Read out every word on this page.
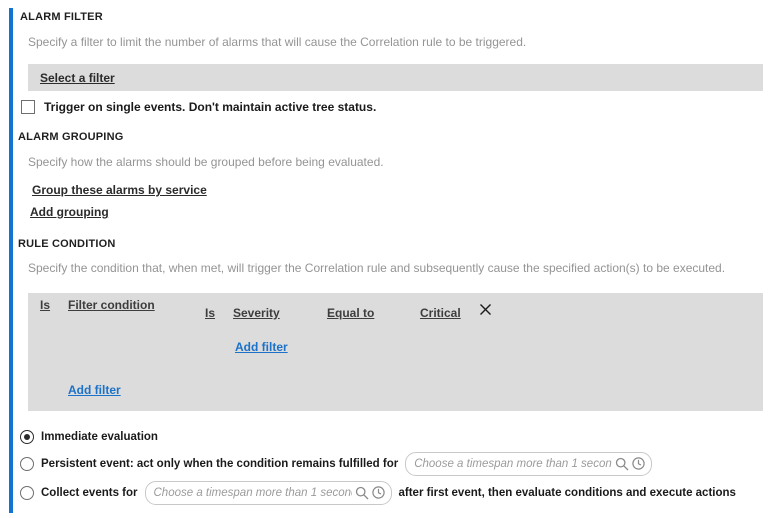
ALARM FILTER
Specify a filter to limit the number of alarms that will cause the Correlation rule to be triggered.
Select a filter
Trigger on single events. Don't maintain active tree status.
ALARM GROUPING
Specify how the alarms should be grouped before being evaluated.
Group these alarms by service
Add grouping
RULE CONDITION
Specify the condition that, when met, will trigger the Correlation rule and subsequently cause the specified action(s) to be executed.
Is Filter condition
Is Severity	Equal to	Critical
Add filter
Add filter
Immediate evaluation
Persistent event: act only when the condition remains fulfilled for
Choose a timespan more than 1 second
Collect events for
Choose a timespan more than 1 second	after first event, then evaluate conditions and execute actions
